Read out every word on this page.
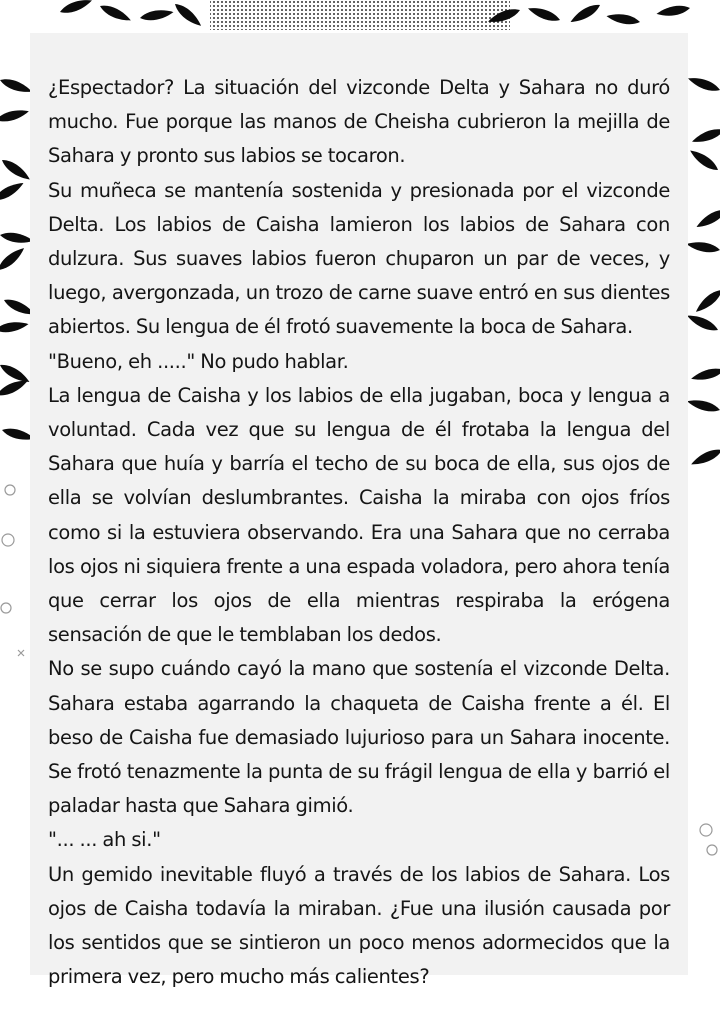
¿Espectador? La situación del vizconde Delta y Sahara no duró mucho. Fue porque las manos de Cheisha cubrieron la mejilla de Sahara y pronto sus labios se tocaron.

Su muñeca se mantenía sostenida y presionada por el vizconde Delta. Los labios de Caisha lamieron los labios de Sahara con dulzura. Sus suaves labios fueron chuparon un par de veces, y luego, avergonzada, un trozo de carne suave entró en sus dientes abiertos. Su lengua de él frotó suavemente la boca de Sahara.

"Bueno, eh ....." No pudo hablar.

La lengua de Caisha y los labios de ella jugaban, boca y lengua a voluntad. Cada vez que su lengua de él frotaba la lengua del Sahara que huía y barría el techo de su boca de ella, sus ojos de ella se volvían deslumbrantes. Caisha la miraba con ojos fríos como si la estuviera observando. Era una Sahara que no cerraba los ojos ni siquiera frente a una espada voladora, pero ahora tenía que cerrar los ojos de ella mientras respiraba la erógena sensación de que le temblaban los dedos.

No se supo cuándo cayó la mano que sostenía el vizconde Delta. Sahara estaba agarrando la chaqueta de Caisha frente a él. El beso de Caisha fue demasiado lujurioso para un Sahara inocente. Se frotó tenazmente la punta de su frágil lengua de ella y barrió el paladar hasta que Sahara gimió.

"... ... ah si."

Un gemido inevitable fluyó a través de los labios de Sahara. Los ojos de Caisha todavía la miraban. ¿Fue una ilusión causada por los sentidos que se sintieron un poco menos adormecidos que la primera vez, pero mucho más calientes?
